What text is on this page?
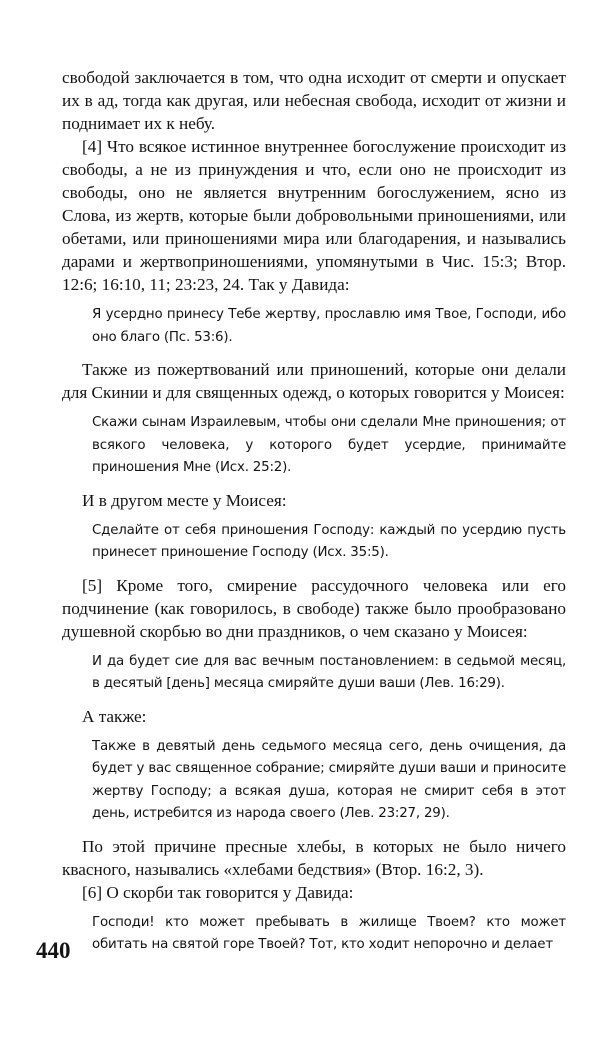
свободой заключается в том, что одна исходит от смерти и опускает их в ад, тогда как другая, или небесная свобода, исходит от жизни и поднимает их к небу.

[4] Что всякое истинное внутреннее богослужение происходит из свободы, а не из принуждения и что, если оно не происходит из свободы, оно не является внутренним богослужением, ясно из Слова, из жертв, которые были добровольными приношениями, или обетами, или приношениями мира или благодарения, и назывались дарами и жертвоприношениями, упомянутыми в Чис. 15:3; Втор. 12:6; 16:10, 11; 23:23, 24. Так у Давида:

Я усердно принесу Тебе жертву, прославлю имя Твое, Господи, ибо оно благо (Пс. 53:6).

Также из пожертвований или приношений, которые они делали для Скинии и для священных одежд, о которых говорится у Моисея:

Скажи сынам Израилевым, чтобы они сделали Мне приношения; от всякого человека, у которого будет усердие, принимайте приношения Мне (Исх. 25:2).

И в другом месте у Моисея:

Сделайте от себя приношения Господу: каждый по усердию пусть принесет приношение Господу (Исх. 35:5).

[5] Кроме того, смирение рассудочного человека или его подчинение (как говорилось, в свободе) также было прообразовано душевной скорбью во дни праздников, о чем сказано у Моисея:

И да будет сие для вас вечным постановлением: в седьмой месяц, в десятый [день] месяца смиряйте души ваши (Лев. 16:29).

А также:

Также в девятый день седьмого месяца сего, день очищения, да будет у вас священное собрание; смиряйте души ваши и приносите жертву Господу; а всякая душа, которая не смирит себя в этот день, истребится из народа своего (Лев. 23:27, 29).

По этой причине пресные хлебы, в которых не было ничего квасного, назывались «хлебами бедствия» (Втор. 16:2, 3).

[6] О скорби так говорится у Давида:

Господи! кто может пребывать в жилище Твоем? кто может обитать на святой горе Твоей? Тот, кто ходит непорочно и делает

440
